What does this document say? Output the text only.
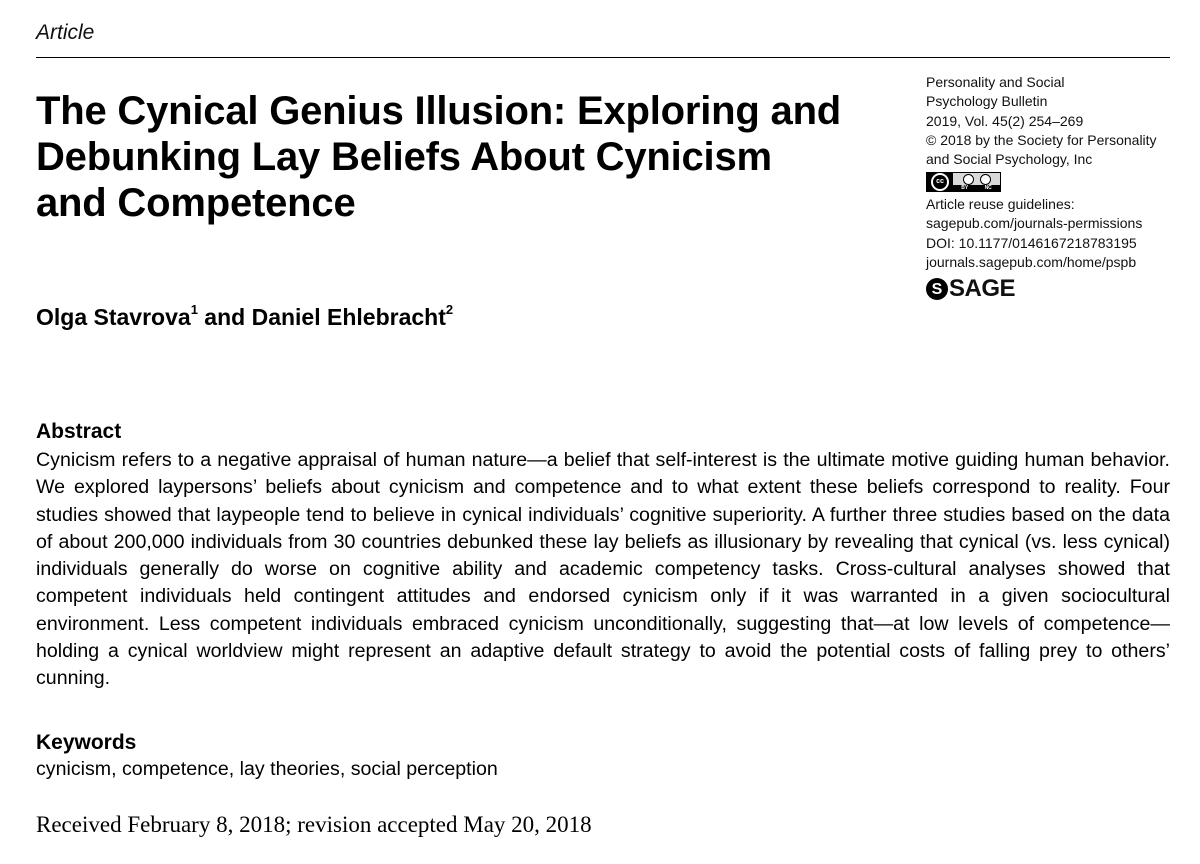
Article
The Cynical Genius Illusion: Exploring and
Debunking Lay Beliefs About Cynicism
and Competence
Olga Stavrova$^1$ and Daniel Ehlebracht$^2$
Personality and Social
Psychology Bulletin
2019, Vol. 45(2) 254–269
© 2018 by the Society for Personality
and Social Psychology, Inc
cc
BY	NC
Article reuse guidelines:
sagepub.com/journals-permissions
DOI: 10.1177/0146167218783195
journals.sagepub.com/home/pspb
S SAGE
Abstract
Cynicism refers to a negative appraisal of human nature—a belief that self-interest is the ultimate motive guiding human behavior. We explored laypersons’ beliefs about cynicism and competence and to what extent these beliefs correspond to reality. Four studies showed that laypeople tend to believe in cynical individuals’ cognitive superiority. A further three studies based on the data of about 200,000 individuals from 30 countries debunked these lay beliefs as illusionary by revealing that cynical (vs. less cynical) individuals generally do worse on cognitive ability and academic competency tasks. Cross-cultural analyses showed that competent individuals held contingent attitudes and endorsed cynicism only if it was warranted in a given sociocultural environment. Less competent individuals embraced cynicism unconditionally, suggesting that—at low levels of competence—holding a cynical worldview might represent an adaptive default strategy to avoid the potential costs of falling prey to others’ cunning.
Keywords
cynicism, competence, lay theories, social perception
Received February 8, 2018; revision accepted May 20, 2018
